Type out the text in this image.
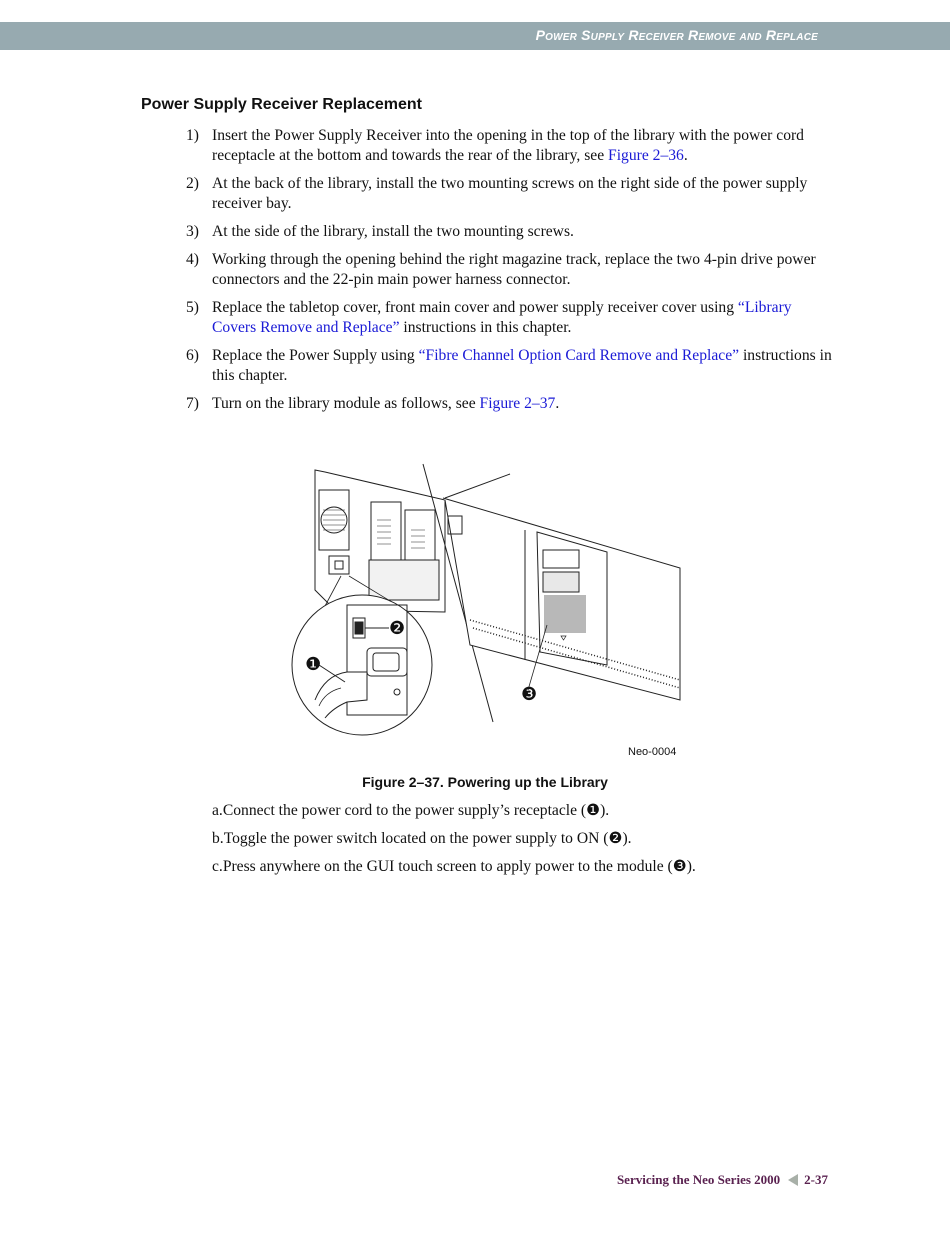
Power Supply Receiver Remove and Replace
Power Supply Receiver Replacement
1) Insert the Power Supply Receiver into the opening in the top of the library with the power cord receptacle at the bottom and towards the rear of the library, see Figure 2–36.
2) At the back of the library, install the two mounting screws on the right side of the power supply receiver bay.
3) At the side of the library, install the two mounting screws.
4) Working through the opening behind the right magazine track, replace the two 4-pin drive power connectors and the 22-pin main power harness connector.
5) Replace the tabletop cover, front main cover and power supply receiver cover using “Library Covers Remove and Replace” instructions in this chapter.
6) Replace the Power Supply using “Fibre Channel Option Card Remove and Replace” instructions in this chapter.
7) Turn on the library module as follows, see Figure 2–37.
❶
❷
❸
Neo-0004
Figure 2–37. Powering up the Library
a.Connect the power cord to the power supply’s receptacle (❶).
b.Toggle the power switch located on the power supply to ON (❷).
c.Press anywhere on the GUI touch screen to apply power to the module (❸).
Servicing the Neo Series 2000 2-37
